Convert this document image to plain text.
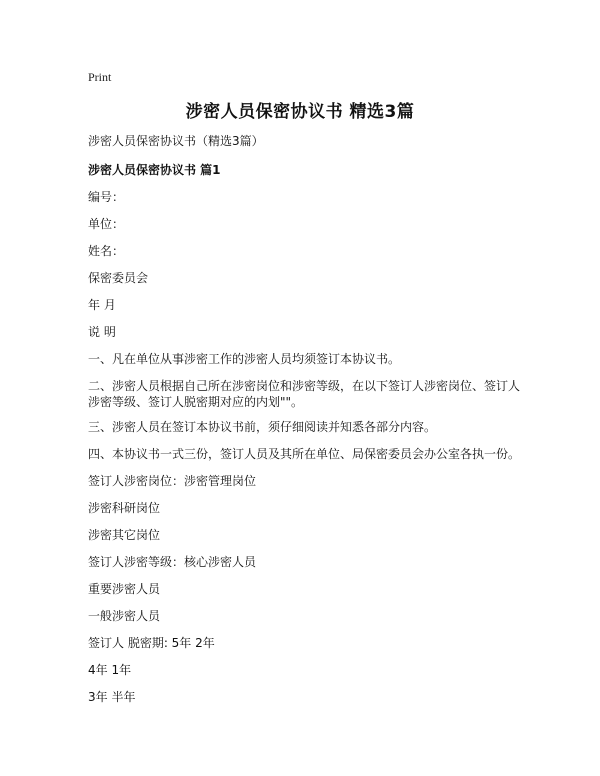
Print
涉密人员保密协议书 精选3篇

涉密人员保密协议书（精选3篇）

涉密人员保密协议书 篇1

编号：

单位：

姓名：

保密委员会

年 月

说 明

一、凡在单位从事涉密工作的涉密人员均须签订本协议书。

二、涉密人员根据自己所在涉密岗位和涉密等级，在以下签订人涉密岗位、签订人涉密等级、签订人脱密期对应的内划""。

三、涉密人员在签订本协议书前，须仔细阅读并知悉各部分内容。

四、本协议书一式三份，签订人员及其所在单位、局保密委员会办公室各执一份。

签订人涉密岗位：涉密管理岗位

涉密科研岗位

涉密其它岗位

签订人涉密等级：核心涉密人员

重要涉密人员

一般涉密人员

签订人 脱密期: 5年 2年

4年 1年

3年 半年
